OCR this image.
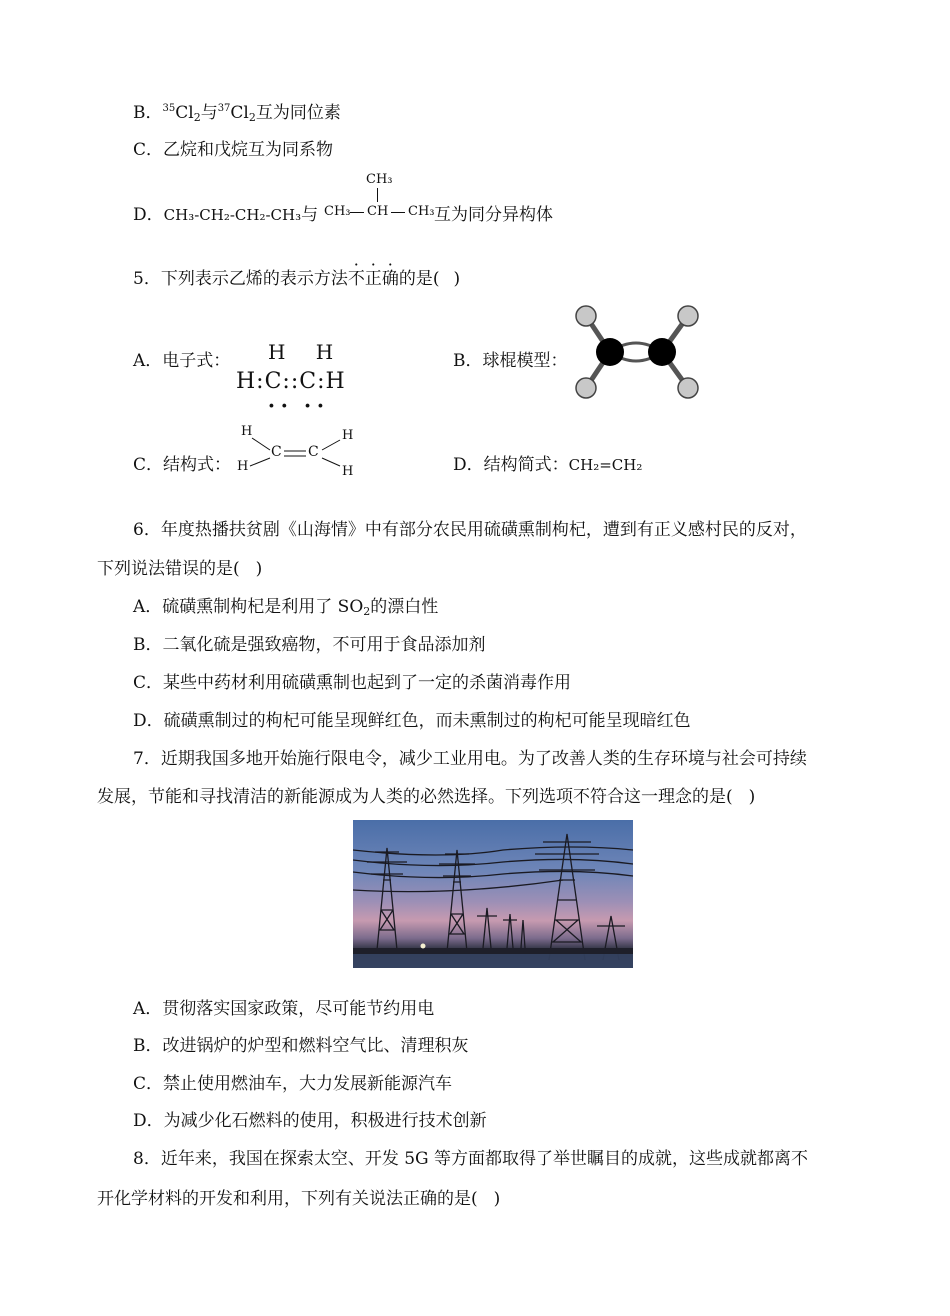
B．$^{35}Cl_2$与$^{37}Cl_2$互为同位素
C．乙烷和戊烷互为同系物
D．CH₃-CH₂-CH₂-CH₃与
CH₃
CH₃ CH CH₃ 互为同分异构体
5．下列表示乙烯的表示方法不正确的是( )
A．电子式： H H
H:C::C:H
∙∙ ∙∙
B．球棍模型：
C．结构式：
H
H
C C
H
H	D．结构简式：CH₂=CH₂
6．年度热播扶贫剧《山海情》中有部分农民用硫磺熏制枸杞，遭到有正义感村民的反对，
下列说法错误的是( )
A．硫磺熏制枸杞是利用了 $SO_2$的漂白性
B．二氧化硫是强致癌物，不可用于食品添加剂
C．某些中药材利用硫磺熏制也起到了一定的杀菌消毒作用
D．硫磺熏制过的枸杞可能呈现鲜红色，而未熏制过的枸杞可能呈现暗红色
7．近期我国多地开始施行限电令，减少工业用电。为了改善人类的生存环境与社会可持续
发展，节能和寻找清洁的新能源成为人类的必然选择。下列选项不符合这一理念的是( )
A．贯彻落实国家政策，尽可能节约用电
B．改进锅炉的炉型和燃料空气比、清理积灰
C．禁止使用燃油车，大力发展新能源汽车
D．为减少化石燃料的使用，积极进行技术创新
8．近年来，我国在探索太空、开发 5G 等方面都取得了举世瞩目的成就，这些成就都离不
开化学材料的开发和利用，下列有关说法正确的是( )
